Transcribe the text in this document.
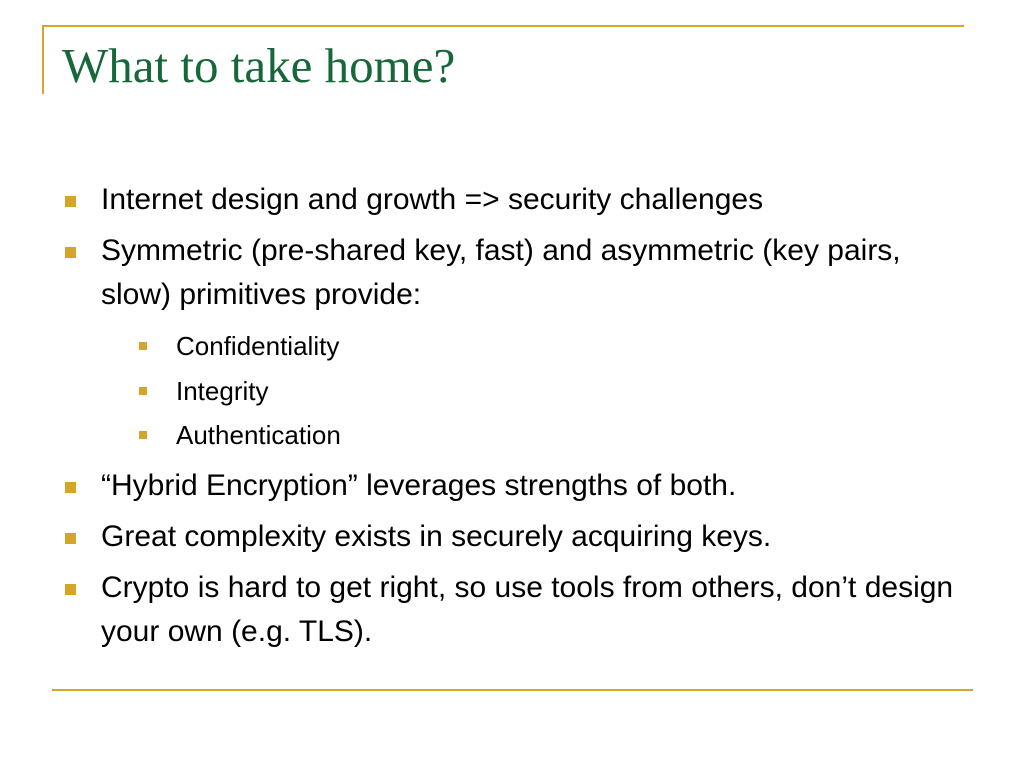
What to take home?
Internet design and growth => security challenges
Symmetric (pre-shared key, fast) and asymmetric (key pairs, slow) primitives provide:
Confidentiality
Integrity
Authentication
“Hybrid Encryption” leverages strengths of both.
Great complexity exists in securely acquiring keys.
Crypto is hard to get right, so use tools from others, don’t design your own (e.g. TLS).
